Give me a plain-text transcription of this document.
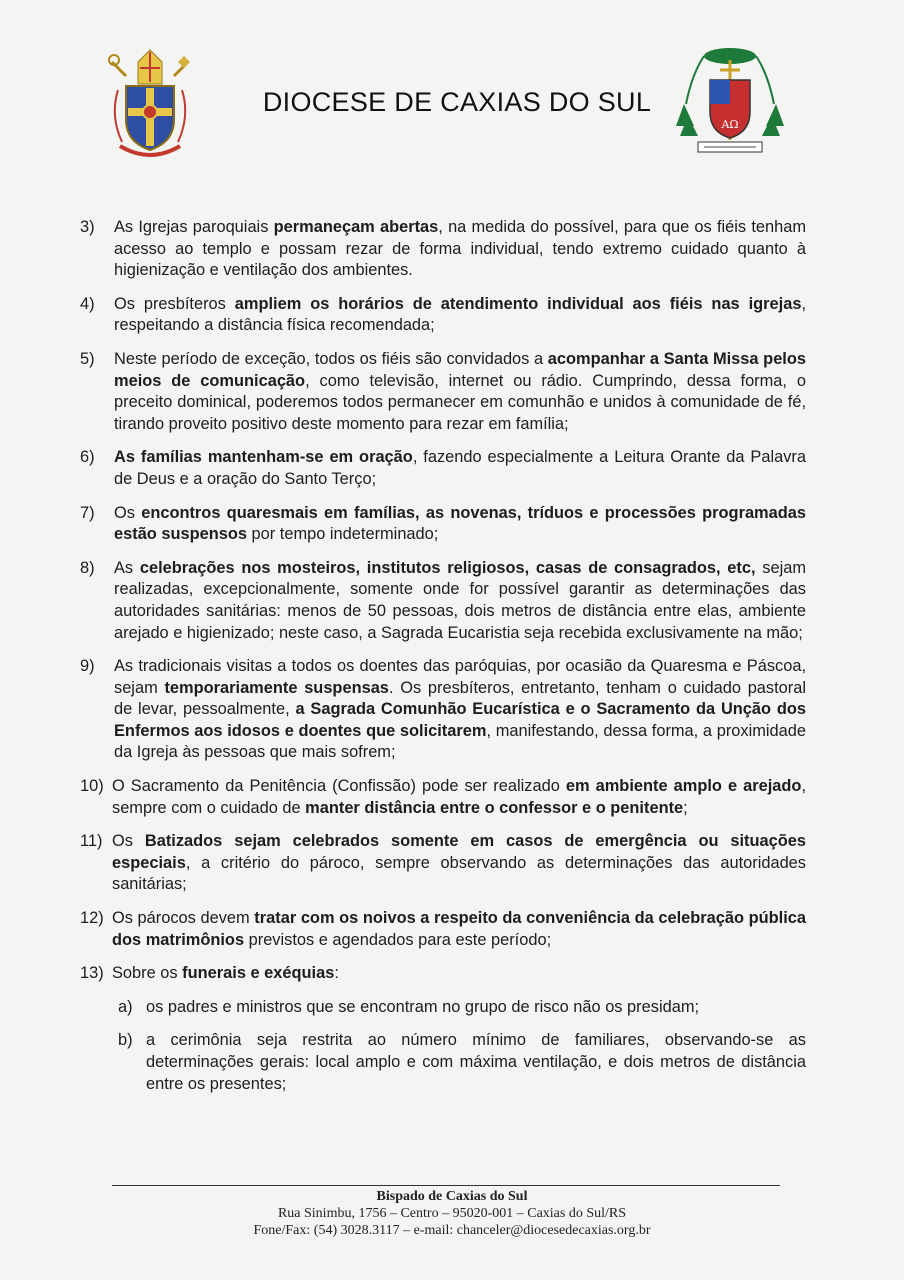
DIOCESE DE CAXIAS DO SUL
AΩ
3)	As Igrejas paroquiais permaneçam abertas, na medida do possível, para que os fiéis tenham acesso ao templo e possam rezar de forma individual, tendo extremo cuidado quanto à higienização e ventilação dos ambientes.
4)	Os presbíteros ampliem os horários de atendimento individual aos fiéis nas igrejas, respeitando a distância física recomendada;
5)	Neste período de exceção, todos os fiéis são convidados a acompanhar a Santa Missa pelos meios de comunicação, como televisão, internet ou rádio. Cumprindo, dessa forma, o preceito dominical, poderemos todos permanecer em comunhão e unidos à comunidade de fé, tirando proveito positivo deste momento para rezar em família;
6)	As famílias mantenham-se em oração, fazendo especialmente a Leitura Orante da Palavra de Deus e a oração do Santo Terço;
7)	Os encontros quaresmais em famílias, as novenas, tríduos e processões programadas estão suspensos por tempo indeterminado;
8)	As celebrações nos mosteiros, institutos religiosos, casas de consagrados, etc, sejam realizadas, excepcionalmente, somente onde for possível garantir as determinações das autoridades sanitárias: menos de 50 pessoas, dois metros de distância entre elas, ambiente arejado e higienizado; neste caso, a Sagrada Eucaristia seja recebida exclusivamente na mão;
9)	As tradicionais visitas a todos os doentes das paróquias, por ocasião da Quaresma e Páscoa, sejam temporariamente suspensas. Os presbíteros, entretanto, tenham o cuidado pastoral de levar, pessoalmente, a Sagrada Comunhão Eucarística e o Sacramento da Unção dos Enfermos aos idosos e doentes que solicitarem, manifestando, dessa forma, a proximidade da Igreja às pessoas que mais sofrem;
10) O Sacramento da Penitência (Confissão) pode ser realizado em ambiente amplo e arejado, sempre com o cuidado de manter distância entre o confessor e o penitente;
11) Os Batizados sejam celebrados somente em casos de emergência ou situações especiais, a critério do pároco, sempre observando as determinações das autoridades sanitárias;
12) Os párocos devem tratar com os noivos a respeito da conveniência da celebração pública dos matrimônios previstos e agendados para este período;
13) Sobre os funerais e exéquias:
a) os padres e ministros que se encontram no grupo de risco não os presidam;
b) a cerimônia seja restrita ao número mínimo de familiares, observando-se as determinações gerais: local amplo e com máxima ventilação, e dois metros de distância entre os presentes;
Bispado de Caxias do Sul
Rua Sinimbu, 1756 – Centro – 95020-001 – Caxias do Sul/RS
Fone/Fax: (54) 3028.3117 – e-mail: chanceler@diocesedecaxias.org.br
